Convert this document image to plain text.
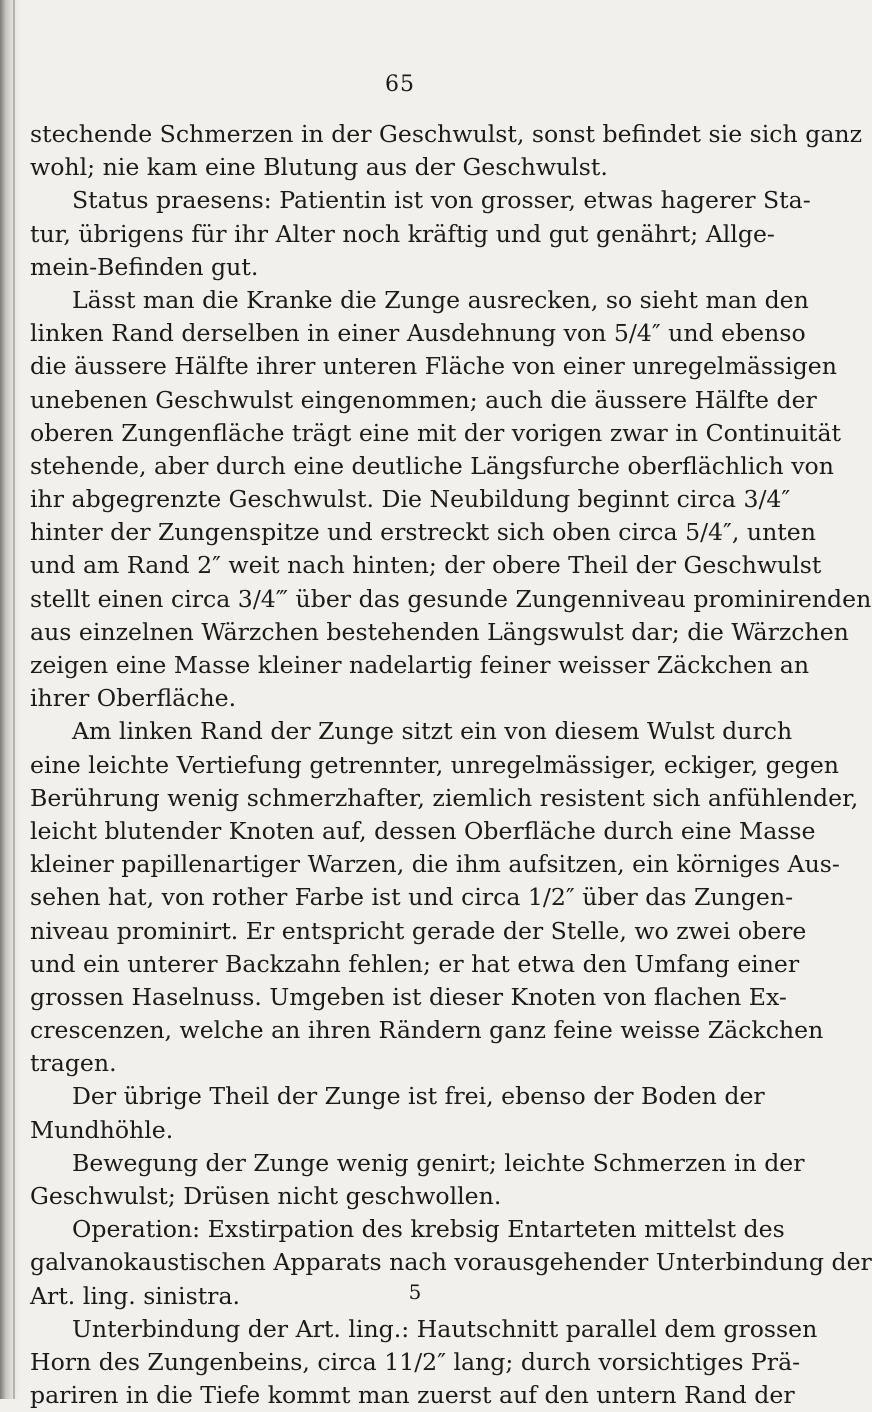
65
stechende Schmerzen in der Geschwulst, sonst befindet sie sich ganz
wohl; nie kam eine Blutung aus der Geschwulst.
Status praesens: Patientin ist von grosser, etwas hagerer Sta-
tur, übrigens für ihr Alter noch kräftig und gut genährt; Allge-
mein-Befinden gut.
Lässt man die Kranke die Zunge ausrecken, so sieht man den
linken Rand derselben in einer Ausdehnung von 5/4″ und ebenso
die äussere Hälfte ihrer unteren Fläche von einer unregelmässigen
unebenen Geschwulst eingenommen; auch die äussere Hälfte der
oberen Zungenfläche trägt eine mit der vorigen zwar in Continuität
stehende, aber durch eine deutliche Längsfurche oberflächlich von
ihr abgegrenzte Geschwulst. Die Neubildung beginnt circa 3/4″
hinter der Zungenspitze und erstreckt sich oben circa 5/4″, unten
und am Rand 2″ weit nach hinten; der obere Theil der Geschwulst
stellt einen circa 3/4‴ über das gesunde Zungenniveau prominirenden
aus einzelnen Wärzchen bestehenden Längswulst dar; die Wärzchen
zeigen eine Masse kleiner nadelartig feiner weisser Zäckchen an
ihrer Oberfläche.
Am linken Rand der Zunge sitzt ein von diesem Wulst durch
eine leichte Vertiefung getrennter, unregelmässiger, eckiger, gegen
Berührung wenig schmerzhafter, ziemlich resistent sich anfühlender,
leicht blutender Knoten auf, dessen Oberfläche durch eine Masse
kleiner papillenartiger Warzen, die ihm aufsitzen, ein körniges Aus-
sehen hat, von rother Farbe ist und circa 1/2″ über das Zungen-
niveau prominirt. Er entspricht gerade der Stelle, wo zwei obere
und ein unterer Backzahn fehlen; er hat etwa den Umfang einer
grossen Haselnuss. Umgeben ist dieser Knoten von flachen Ex-
crescenzen, welche an ihren Rändern ganz feine weisse Zäckchen
tragen.
Der übrige Theil der Zunge ist frei, ebenso der Boden der
Mundhöhle.
Bewegung der Zunge wenig genirt; leichte Schmerzen in der
Geschwulst; Drüsen nicht geschwollen.
Operation: Exstirpation des krebsig Entarteten mittelst des
galvanokaustischen Apparats nach vorausgehender Unterbindung der
Art. ling. sinistra.
Unterbindung der Art. ling.: Hautschnitt parallel dem grossen
Horn des Zungenbeins, circa 11/2″ lang; durch vorsichtiges Prä-
pariren in die Tiefe kommt man zuerst auf den untern Rand der
5
